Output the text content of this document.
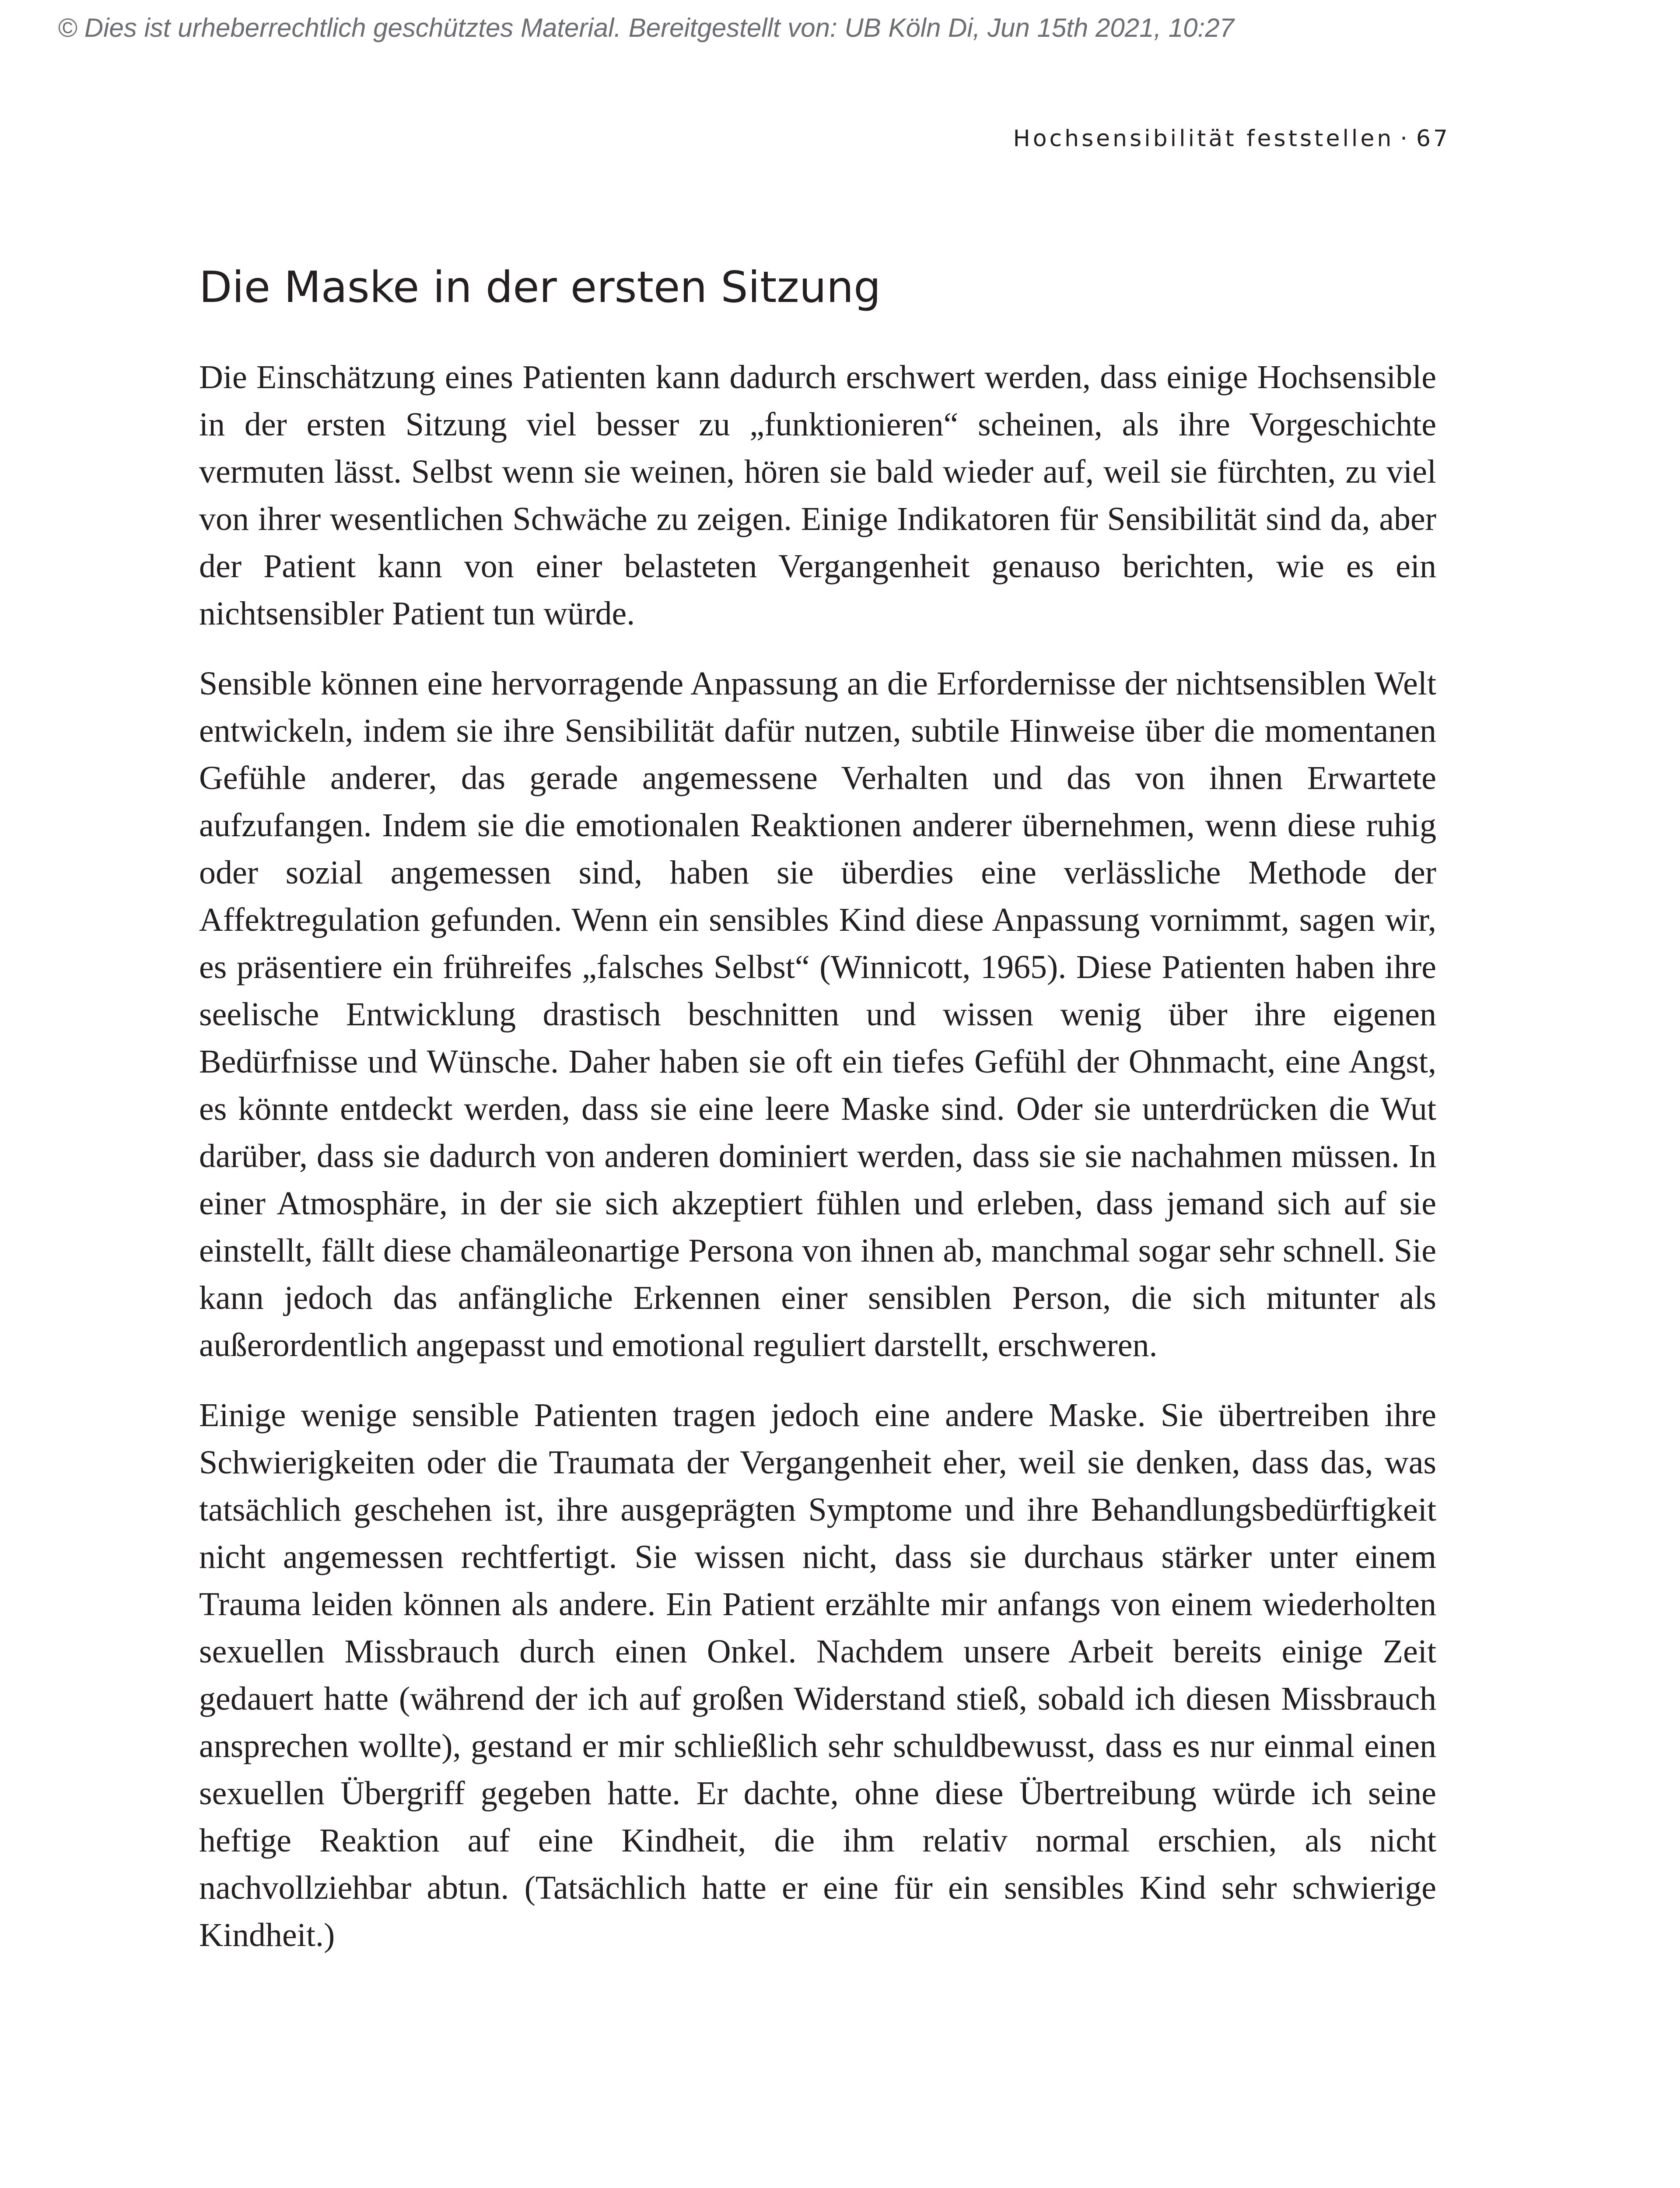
© Dies ist urheberrechtlich geschütztes Material. Bereitgestellt von: UB Köln Di, Jun 15th 2021, 10:27
Hochsensibilität feststellen · 67
Die Maske in der ersten Sitzung

Die Einschätzung eines Patienten kann dadurch erschwert werden, dass einige Hochsensible in der ersten Sitzung viel besser zu „funktionieren“ scheinen, als ihre Vorgeschichte vermuten lässt. Selbst wenn sie weinen, hören sie bald wieder auf, weil sie fürchten, zu viel von ihrer wesentlichen Schwäche zu zeigen. Einige Indikatoren für Sensibilität sind da, aber der Patient kann von einer belasteten Vergangenheit genauso berichten, wie es ein nichtsensibler Patient tun würde.

Sensible können eine hervorragende Anpassung an die Erfordernisse der nichtsensiblen Welt entwickeln, indem sie ihre Sensibilität dafür nutzen, subtile Hinweise über die momentanen Gefühle anderer, das gerade angemessene Verhalten und das von ihnen Erwartete aufzufangen. Indem sie die emotionalen Reaktionen anderer übernehmen, wenn diese ruhig oder sozial angemessen sind, haben sie überdies eine verlässliche Methode der Affektregulation gefunden. Wenn ein sensibles Kind diese Anpassung vornimmt, sagen wir, es präsentiere ein frühreifes „falsches Selbst“ (Winnicott, 1965). Diese Patienten haben ihre seelische Entwicklung drastisch beschnitten und wissen wenig über ihre eigenen Bedürfnisse und Wünsche. Daher haben sie oft ein tiefes Gefühl der Ohnmacht, eine Angst, es könnte entdeckt werden, dass sie eine leere Maske sind. Oder sie unterdrücken die Wut darüber, dass sie dadurch von anderen dominiert werden, dass sie sie nachahmen müssen. In einer Atmosphäre, in der sie sich akzeptiert fühlen und erleben, dass jemand sich auf sie einstellt, fällt diese chamäleonartige Persona von ihnen ab, manchmal sogar sehr schnell. Sie kann jedoch das anfängliche Erkennen einer sensiblen Person, die sich mitunter als außerordentlich angepasst und emotional reguliert darstellt, erschweren.

Einige wenige sensible Patienten tragen jedoch eine andere Maske. Sie übertreiben ihre Schwierigkeiten oder die Traumata der Vergangenheit eher, weil sie denken, dass das, was tatsächlich geschehen ist, ihre ausgeprägten Symptome und ihre Behandlungsbedürftigkeit nicht angemessen rechtfertigt. Sie wissen nicht, dass sie durchaus stärker unter einem Trauma leiden können als andere. Ein Patient erzählte mir anfangs von einem wiederholten sexuellen Missbrauch durch einen Onkel. Nachdem unsere Arbeit bereits einige Zeit gedauert hatte (während der ich auf großen Widerstand stieß, sobald ich diesen Missbrauch ansprechen wollte), gestand er mir schließlich sehr schuldbewusst, dass es nur einmal einen sexuellen Übergriff gegeben hatte. Er dachte, ohne diese Übertreibung würde ich seine heftige Reaktion auf eine Kindheit, die ihm relativ normal erschien, als nicht nachvollziehbar abtun. (Tatsächlich hatte er eine für ein sensibles Kind sehr schwierige Kindheit.)
